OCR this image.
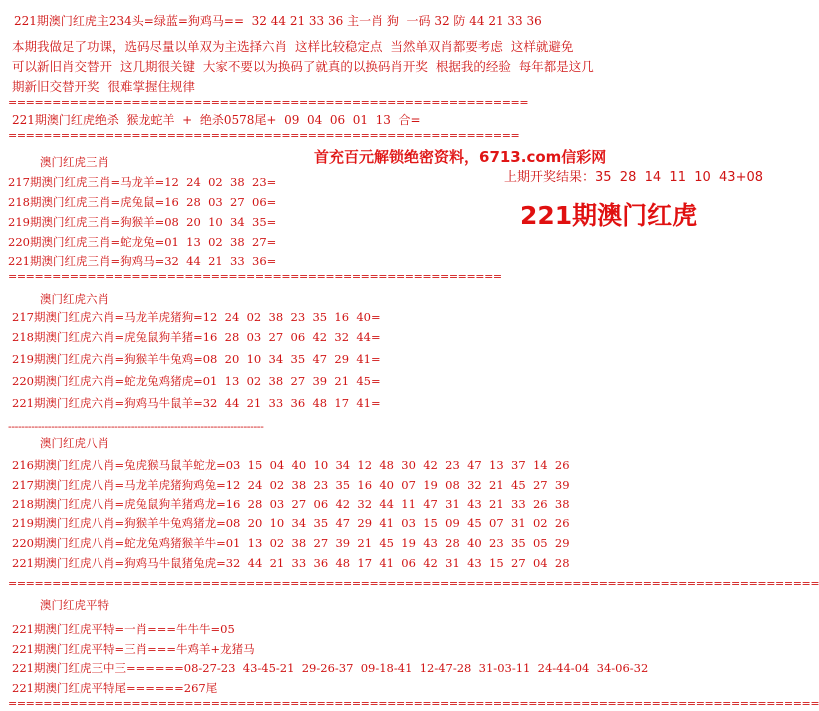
221期澳门红虎主234头=绿蓝=狗鸡马==  32 44 21 33 36 主一肖 狗  一码 32 防 44 21 33 36
本期我做足了功课，选码尽量以单双为主选择六肖  这样比较稳定点  当然单双肖都要考虑  这样就避免
可以新旧肖交替开  这几期很关键  大家不要以为换码了就真的以换码肖开奖  根据我的经验  每年都是这几
期新旧交替开奖  很难掌握住规律
===========================================================
221期澳门红虎绝杀  猴龙蛇羊  +  绝杀0578尾+  09  04  06  01  13  合=
==========================================================
首充百元解锁绝密资料，6713.com信彩网
上期开奖结果：35  28  14  11  10  43+08
221期澳门红虎
澳门红虎三肖
217期澳门红虎三肖=马龙羊=12  24  02  38  23=
218期澳门红虎三肖=虎兔鼠=16  28  03  27  06=
219期澳门红虎三肖=狗猴羊=08  20  10  34  35=
220期澳门红虎三肖=蛇龙兔=01  13  02  38  27=
221期澳门红虎三肖=狗鸡马=32  44  21  33  36=
========================================================
澳门红虎六肖
217期澳门红虎六肖=马龙羊虎猪狗=12  24  02  38  23  35  16  40=
218期澳门红虎六肖=虎兔鼠狗羊猪=16  28  03  27  06  42  32  44=
219期澳门红虎六肖=狗猴羊牛兔鸡=08  20  10  34  35  47  29  41=
220期澳门红虎六肖=蛇龙兔鸡猪虎=01  13  02  38  27  39  21  45=
221期澳门红虎六肖=狗鸡马牛鼠羊=32  44  21  33  36  48  17  41=
-----------------------------------------------------------------------------
澳门红虎八肖
216期澳门红虎八肖=兔虎猴马鼠羊蛇龙=03  15  04  40  10  34  12  48  30  42  23  47  13  37  14  26
217期澳门红虎八肖=马龙羊虎猪狗鸡兔=12  24  02  38  23  35  16  40  07  19  08  32  21  45  27  39
218期澳门红虎八肖=虎兔鼠狗羊猪鸡龙=16  28  03  27  06  42  32  44  11  47  31  43  21  33  26  38
219期澳门红虎八肖=狗猴羊牛兔鸡猪龙=08  20  10  34  35  47  29  41  03  15  09  45  07  31  02  26
220期澳门红虎八肖=蛇龙兔鸡猪猴羊牛=01  13  02  38  27  39  21  45  19  43  28  40  23  35  05  29
221期澳门红虎八肖=狗鸡马牛鼠猪兔虎=32  44  21  33  36  48  17  41  06  42  31  43  15  27  04  28
============================================================================================
澳门红虎平特
221期澳门红虎平特=一肖===牛牛牛=05
221期澳门红虎平特=三肖===牛鸡羊+龙猪马
221期澳门红虎三中三======08-27-23  43-45-21  29-26-37  09-18-41  12-47-28  31-03-11  24-44-04  34-06-32
221期澳门红虎平特尾======267尾
============================================================================================
